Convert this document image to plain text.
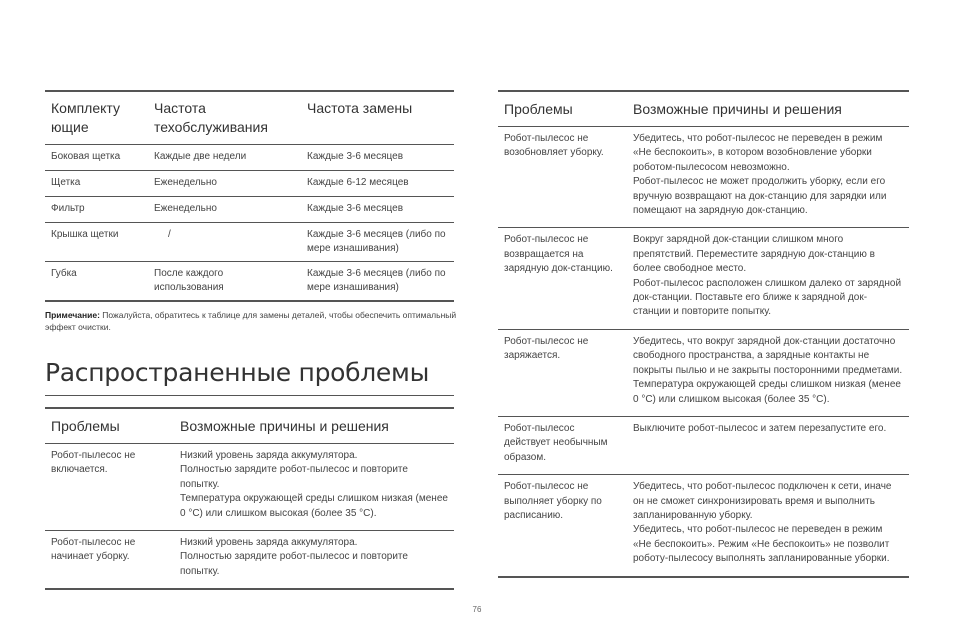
Комплекту ющие	Частота техобслуживания	Частота замены
Боковая щетка	Каждые две недели	Каждые 3-6 месяцев
Щетка	Еженедельно	Каждые 6-12 месяцев
Фильтр	Еженедельно	Каждые 3-6 месяцев
Крышка щетки	/	Каждые 3-6 месяцев (либо по мере изнашивания)
Губка	После каждого использования	Каждые 3-6 месяцев (либо по мере изнашивания)
Примечание: Пожалуйста, обратитесь к таблице для замены деталей, чтобы обеспечить оптимальный эффект очистки.
Распространенные проблемы
Проблемы	Возможные причины и решения
Робот-пылесос не включается.	Низкий уровень заряда аккумулятора.
Полностью зарядите робот-пылесос и повторите попытку.
Температура окружающей среды слишком низкая (менее 0 °C) или слишком высокая (более 35 °C).
Робот-пылесос не начинает уборку.	Низкий уровень заряда аккумулятора.
Полностью зарядите робот-пылесос и повторите попытку.
Проблемы	Возможные причины и решения
Робот-пылесос не возобновляет уборку.	Убедитесь, что робот-пылесос не переведен в режим «Не беспокоить», в котором возобновление уборки роботом-пылесосом невозможно.
Робот-пылесос не может продолжить уборку, если его вручную возвращают на док-станцию для зарядки или помещают на зарядную док-станцию.
Робот-пылесос не возвращается на зарядную док-станцию.	Вокруг зарядной док-станции слишком много препятствий. Переместите зарядную док-станцию в более свободное место.
Робот-пылесос расположен слишком далеко от зарядной док-станции. Поставьте его ближе к зарядной док-станции и повторите попытку.
Робот-пылесос не заряжается.	Убедитесь, что вокруг зарядной док-станции достаточно свободного пространства, а зарядные контакты не покрыты пылью и не закрыты посторонними предметами.
Температура окружающей среды слишком низкая (менее 0 °C) или слишком высокая (более 35 °C).
Робот-пылесос действует необычным образом.	Выключите робот-пылесос и затем перезапустите его.
Робот-пылесос не выполняет уборку по расписанию.	Убедитесь, что робот-пылесос подключен к сети, иначе он не сможет синхронизировать время и выполнить запланированную уборку.
Убедитесь, что робот-пылесос не переведен в режим «Не беспокоить». Режим «Не беспокоить» не позволит роботу-пылесосу выполнять запланированные уборки.
76
